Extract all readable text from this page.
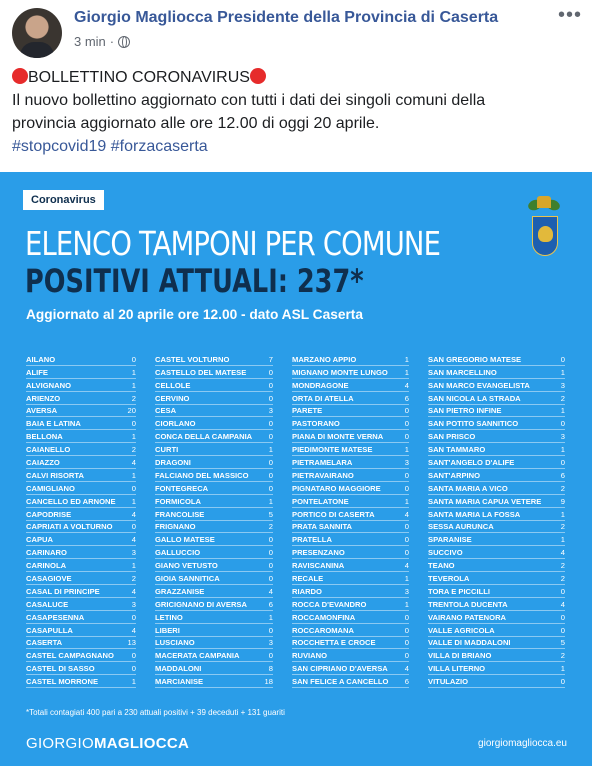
Giorgio Magliocca Presidente della Provincia di Caserta
3 min ·
•••
BOLLETTINO CORONAVIRUS
Il nuovo bollettino aggiornato con tutti i dati dei singoli comuni della
provincia aggiornato alle ore 12.00 di oggi 20 aprile.
#stopcovid19 #forzacaserta
Coronavirus
ELENCO TAMPONI PER COMUNE
POSITIVI ATTUALI: 237*
Aggiornato al 20 aprile ore 12.00 - dato ASL Caserta
AILANO	0
ALIFE	1
ALVIGNANO	1
ARIENZO	2
AVERSA	20
BAIA E LATINA	0
BELLONA	1
CAIANELLO	2
CAIAZZO	4
CALVI RISORTA	1
CAMIGLIANO	0
CANCELLO ED ARNONE 1
CAPODRISE	4
CAPRIATI A VOLTURNO	0
CAPUA	4
CARINARO	3
CARINOLA	1
CASAGIOVE	2
CASAL DI PRINCIPE	4
CASALUCE	3
CASAPESENNA	0
CASAPULLA	4
CASERTA	13
CASTEL CAMPAGNANO 0
CASTEL DI SASSO	0
CASTEL MORRONE	1
CASTEL VOLTURNO	7
CASTELLO DEL MATESE	0
CELLOLE	0
CERVINO	0
CESA	3
CIORLANO	0
CONCA DELLA CAMPANIA 0
CURTI	1
DRAGONI	0
FALCIANO DEL MASSICO	0
FONTEGRECA	0
FORMICOLA	1
FRANCOLISE	5
FRIGNANO	2
GALLO MATESE	0
GALLUCCIO	0
GIANO VETUSTO	0
GIOIA SANNITICA	0
GRAZZANISE	4
GRICIGNANO DI AVERSA	6
LETINO	1
LIBERI	0
LUSCIANO	3
MACERATA CAMPANIA	0
MADDALONI	8
MARCIANISE	18
MARZANO APPIO	1
MIGNANO MONTE LUNGO 1
MONDRAGONE	4
ORTA DI ATELLA	6
PARETE	0
PASTORANO	0
PIANA DI MONTE VERNA	0
PIEDIMONTE MATESE	1
PIETRAMELARA	3
PIETRAVAIRANO	0
PIGNATARO MAGGIORE	0
PONTELATONE	1
PORTICO DI CASERTA	4
PRATA SANNITA	0
PRATELLA	0
PRESENZANO	0
RAVISCANINA	4
RECALE	1
RIARDO	3
ROCCA D'EVANDRO	1
ROCCAMONFINA	0
ROCCAROMANA	0
ROCCHETTA E CROCE	0
RUVIANO	0
SAN CIPRIANO D'AVERSA 4
SAN FELICE A CANCELLO 6
SAN GREGORIO MATESE	0
SAN MARCELLINO	1
SAN MARCO EVANGELISTA	3
SAN NICOLA LA STRADA	2
SAN PIETRO INFINE	1
SAN POTITO SANNITICO	0
SAN PRISCO	3
SAN TAMMARO	1
SANT'ANGELO D'ALIFE	0
SANT'ARPINO	6
SANTA MARIA A VICO	2
SANTA MARIA CAPUA VETERE	9
SANTA MARIA LA FOSSA	1
SESSA AURUNCA	2
SPARANISE	1
SUCCIVO	4
TEANO	2
TEVEROLA	2
TORA E PICCILLI	0
TRENTOLA DUCENTA	4
VAIRANO PATENORA	0
VALLE AGRICOLA	0
VALLE DI MADDALONI	5
VILLA DI BRIANO	2
VILLA LITERNO	1
VITULAZIO	0
*Totali contagiati 400 pari a 230 attuali positivi + 39 deceduti + 131 guariti
GIORGIOMAGLIOCCA	giorgiomagliocca.eu
